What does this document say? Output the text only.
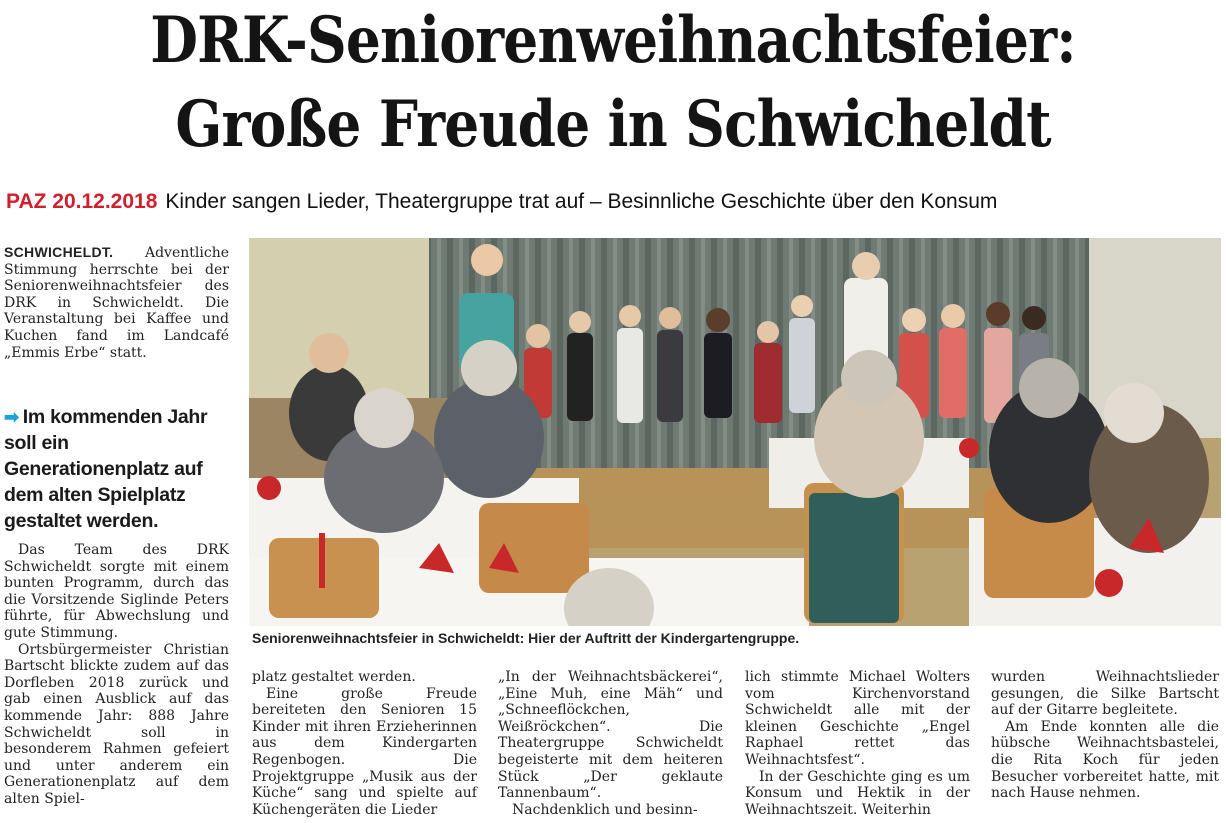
DRK-Seniorenweihnachtsfeier:
Große Freude in Schwicheldt
PAZ 20.12.2018 Kinder sangen Lieder, Theatergruppe trat auf – Besinnliche Geschichte über den Konsum

SCHWICHELDT. Adventliche Stimmung herrschte bei der Seniorenweihnachtsfeier des DRK in Schwicheldt. Die Veranstaltung bei Kaffee und Kuchen fand im Landcafé „Emmis Erbe“ statt.

➡ Im kommenden Jahr soll ein Generationenplatz auf dem alten Spielplatz gestaltet werden.
Seniorenweihnachtsfeier in Schwicheldt: Hier der Auftritt der Kindergartengruppe.

Das Team des DRK Schwicheldt sorgte mit einem bunten Programm, durch das die Vorsitzende Siglinde Peters führte, für Abwechslung und gute Stimmung.

Ortsbürgermeister Christian Bartscht blickte zudem auf das Dorfleben 2018 zurück und gab einen Ausblick auf das kommende Jahr: 888 Jahre Schwicheldt soll in besonderem Rahmen gefeiert und unter anderem ein Generationenplatz auf dem alten Spiel-

platz gestaltet werden.

Eine große Freude bereiteten den Senioren 15 Kinder mit ihren Erzieherinnen aus dem Kindergarten Regenbogen. Die Projektgruppe „Musik aus der Küche“ sang und spielte auf Küchengeräten die Lieder

„In der Weihnachtsbäckerei“, „Eine Muh, eine Mäh“ und „Schneeflöckchen, Weißröckchen“. Die Theatergruppe Schwicheldt begeisterte mit dem heiteren Stück „Der geklaute Tannenbaum“.

Nachdenklich und besinn-

lich stimmte Michael Wolters vom Kirchenvorstand Schwicheldt alle mit der kleinen Geschichte „Engel Raphael rettet das Weihnachtsfest“.

In der Geschichte ging es um Konsum und Hektik in der Weihnachtszeit. Weiterhin

wurden Weihnachtslieder gesungen, die Silke Bartscht auf der Gitarre begleitete.

Am Ende konnten alle die hübsche Weihnachtsbastelei, die Rita Koch für jeden Besucher vorbereitet hatte, mit nach Hause nehmen.
